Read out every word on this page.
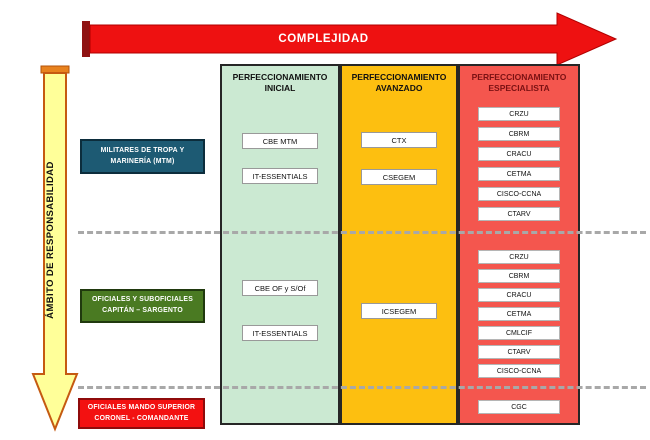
COMPLEJIDAD
ÁMBITO DE RESPONSABILIDAD
PERFECCIONAMIENTO INICIAL
CBE MTM
IT-ESSENTIALS
CBE OF y S/Of
IT-ESSENTIALS
PERFECCIONAMIENTO AVANZADO
CTX
CSEGEM
ICSEGEM
PERFECCIONAMIENTO ESPECIALISTA
CRZU
CBRM
CRACU
CETMA
CISCO-CCNA
CTARV
CRZU
CBRM
CRACU
CETMA
CMLCIF
CTARV
CISCO-CCNA
CGC
MILITARES DE TROPA Y
MARINERÍA (MTM)
OFICIALES Y SUBOFICIALES
CAPITÁN – SARGENTO
OFICIALES MANDO SUPERIOR
CORONEL - COMANDANTE
